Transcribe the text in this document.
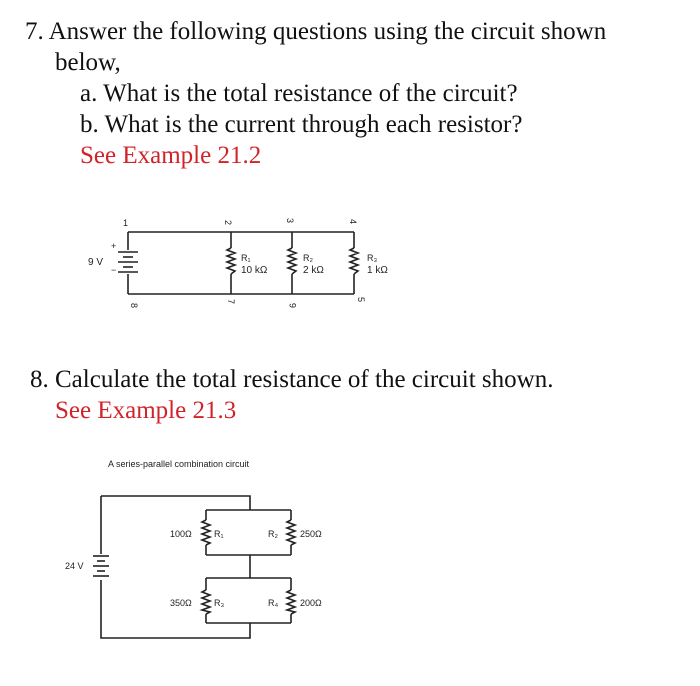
7. Answer the following questions using the circuit shown
below,
a. What is the total resistance of the circuit?
b. What is the current through each resistor?
See Example 21.2
8. Calculate the total resistance of the circuit shown.
See Example 21.3
9 V
+
−
R₁
10 kΩ
R₂
2 kΩ
R₃
1 kΩ
1	2	3	4
5
6
7
8
A series-parallel combination circuit
24 V
100Ω R₁	R₂ 250Ω
350Ω R₃	R₄ 200Ω
